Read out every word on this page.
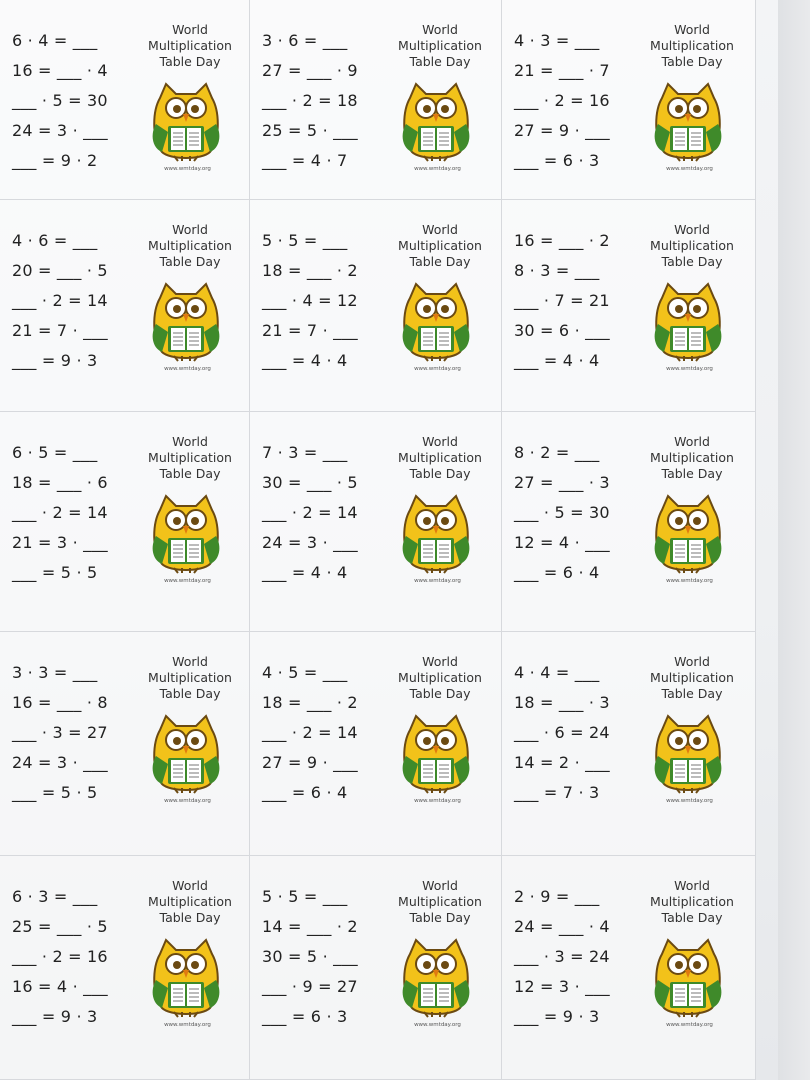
6 · 4 = ___
16 = ___ · 4
___ · 5 = 30
24 = 3 · ___
___ = 9 · 2
World
Multiplication
Table Day
www.wmtday.org
3 · 6 = ___
27 = ___ · 9
___ · 2 = 18
25 = 5 · ___
___ = 4 · 7
World
Multiplication
Table Day
www.wmtday.org
4 · 3 = ___
21 = ___ · 7
___ · 2 = 16
27 = 9 · ___
___ = 6 · 3
World
Multiplication
Table Day
www.wmtday.org
4 · 6 = ___
20 = ___ · 5
___ · 2 = 14
21 = 7 · ___
___ = 9 · 3
World
Multiplication
Table Day
www.wmtday.org
5 · 5 = ___
18 = ___ · 2
___ · 4 = 12
21 = 7 · ___
___ = 4 · 4
World
Multiplication
Table Day
www.wmtday.org
16 = ___ · 2
8 · 3 = ___
___ · 7 = 21
30 = 6 · ___
___ = 4 · 4
World
Multiplication
Table Day
www.wmtday.org
6 · 5 = ___
18 = ___ · 6
___ · 2 = 14
21 = 3 · ___
___ = 5 · 5
World
Multiplication
Table Day
www.wmtday.org
7 · 3 = ___
30 = ___ · 5
___ · 2 = 14
24 = 3 · ___
___ = 4 · 4
World
Multiplication
Table Day
www.wmtday.org
8 · 2 = ___
27 = ___ · 3
___ · 5 = 30
12 = 4 · ___
___ = 6 · 4
World
Multiplication
Table Day
www.wmtday.org
3 · 3 = ___
16 = ___ · 8
___ · 3 = 27
24 = 3 · ___
___ = 5 · 5
World
Multiplication
Table Day
www.wmtday.org
4 · 5 = ___
18 = ___ · 2
___ · 2 = 14
27 = 9 · ___
___ = 6 · 4
World
Multiplication
Table Day
www.wmtday.org
4 · 4 = ___
18 = ___ · 3
___ · 6 = 24
14 = 2 · ___
___ = 7 · 3
World
Multiplication
Table Day
www.wmtday.org
6 · 3 = ___
25 = ___ · 5
___ · 2 = 16
16 = 4 · ___
___ = 9 · 3
World
Multiplication
Table Day
www.wmtday.org
5 · 5 = ___
14 = ___ · 2
30 = 5 · ___
___ · 9 = 27
___ = 6 · 3
World
Multiplication
Table Day
www.wmtday.org
2 · 9 = ___
24 = ___ · 4
___ · 3 = 24
12 = 3 · ___
___ = 9 · 3
World
Multiplication
Table Day
www.wmtday.org
